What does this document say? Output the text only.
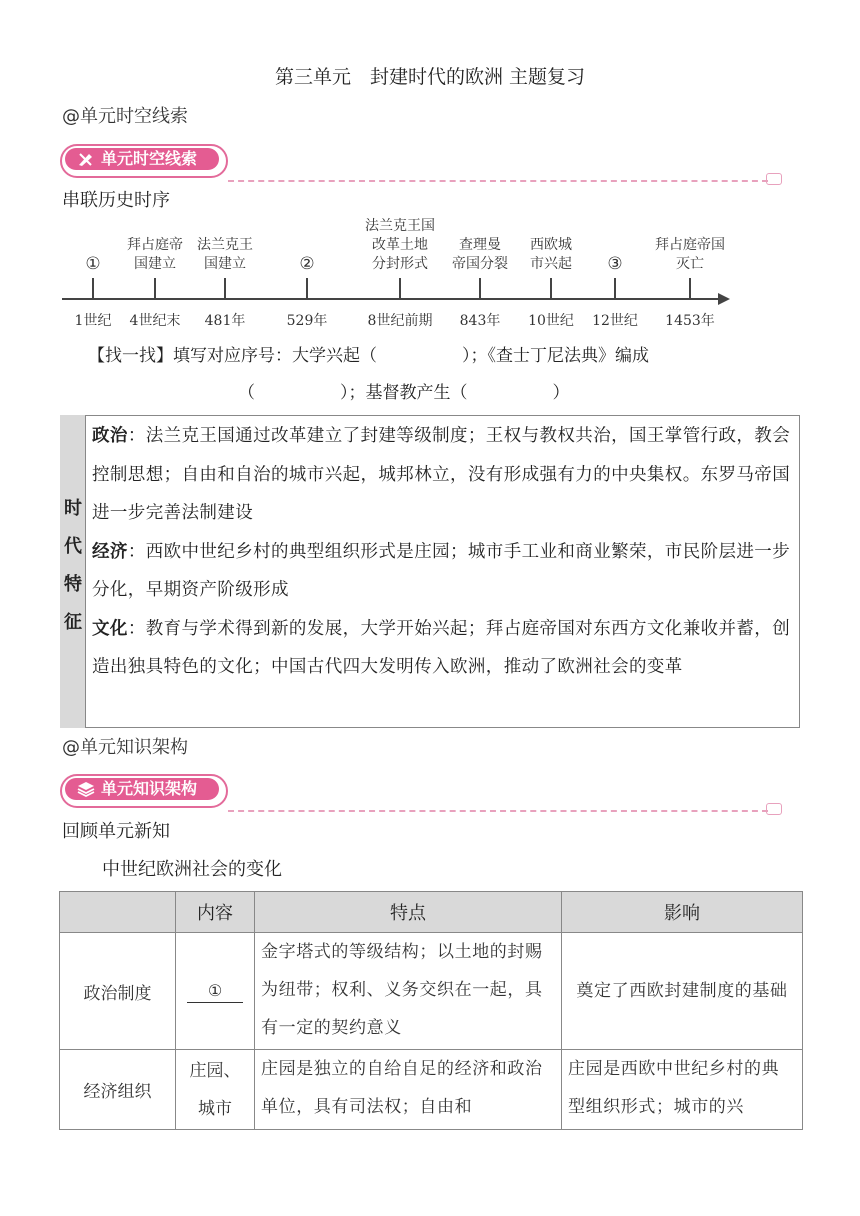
第三单元　封建时代的欧洲 主题复习
@单元时空线索
单元时空线索
串联历史时序
1世纪
①
4世纪末
拜占庭帝
国建立
481年
法兰克王
国建立
529年
②
8世纪前期
法兰克王国
改革土地
分封形式
843年
查理曼
帝国分裂
10世纪
西欧城
市兴起
12世纪
③
1453年
拜占庭帝国
灭亡
【找一找】填写对应序号：大学兴起（　　　　　）；《查士丁尼法典》编成
（　　　　　）；基督教产生（　　　　　）
时
代
特
征
政治：法兰克王国通过改革建立了封建等级制度；王权与教权共治，国王掌管行政，教会控制思想；自由和自治的城市兴起，城邦林立，没有形成强有力的中央集权。东罗马帝国进一步完善法制建设
经济：西欧中世纪乡村的典型组织形式是庄园；城市手工业和商业繁荣，市民阶层进一步分化，早期资产阶级形成
文化：教育与学术得到新的发展，大学开始兴起；拜占庭帝国对东西方文化兼收并蓄，创造出独具特色的文化；中国古代四大发明传入欧洲，推动了欧洲社会的变革
@单元知识架构
单元知识架构
回顾单元新知
中世纪欧洲社会的变化
	内容	特点	影响
政治制度	①	金字塔式的等级结构；以土地的封赐为纽带；权利、义务交织在一起，具有一定的契约意义	奠定了西欧封建制度的基础
经济组织	庄园、城市	庄园是独立的自给自足的经济和政治单位，具有司法权；自由和	庄园是西欧中世纪乡村的典型组织形式；城市的兴
